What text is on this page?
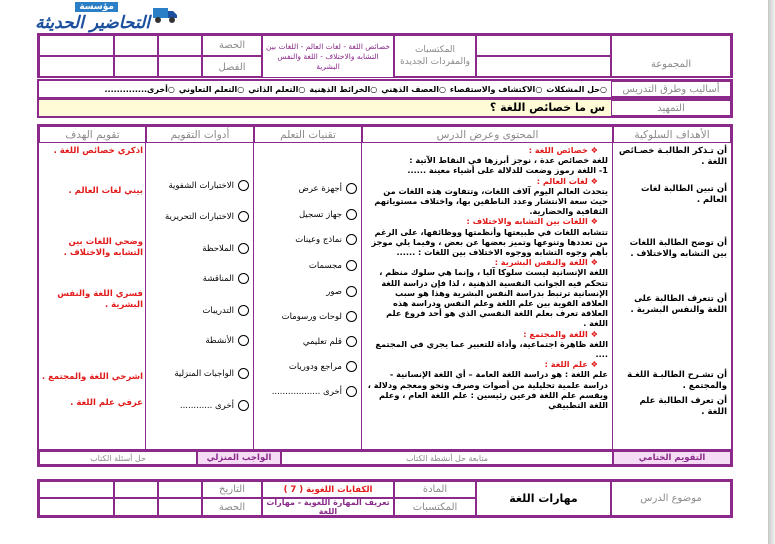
مؤسسة
التحاضير الحديثة
المجموعة
المكتسبات والمفردات الجديدة
خصائص اللغة - لغات العالم - اللغات بين التشابه والاختلاف - اللغة والنفس البشرية
الحصة
الفصل
أساليب وطرق التدريس
○حل المشكلات
○الاكتشاف والاستقصاء
○العصف الذهني
○الخرائط الذهنية
○التعلم الذاتي
○التعلم التعاوني
○أخرى..............
التمهيد
س ما خصائص اللغة ؟
الأهداف السلوكية
المحتوى وعرض الدرس
تقنيات التعلم
أدوات التقويم
تقويم الهدف
أن تـذكر الطالبـة خصـائص اللغة .
أن تبين الطالبة لغات العالم .
أن توضح الطالبة اللغات بين التشابه والاختلاف .
أن تتعرف الطالبة على اللغة والنفس البشرية .
أن تشـرح الطالبـة اللغـة والمجتمع .
أن تعرف الطالبة علم اللغة .
❖ خصائص اللغة :
للغة خصائص عدة ، نوجز أبرزها في النقاط الآتية :
1- اللغة رموز وضعت للدلالة على أشياء معينة ......
❖ لغات العالم :
يتحدث العالم اليوم آلاف اللغات، وتتفاوت هذه اللغات من حيث سعة الانتشار وعدد الناطقين بها، واختلاف مستوياتهم الثقافية والحضارية.
❖ اللغات بين التشابه والاختلاف :
تتشابه اللغات في طبيعتها وأنظمتها ووظائفها، على الرغم من تعددها وتنوعها وتميز بعضها عن بعض ، وفيما يلي موجز بأهم وجوه التشابه ووجوه الاختلاف بين اللغات : ......
❖ اللغة والنفس البشرية :
اللغة الإنسانية ليست سلوكا آليا ، وإنما هي سلوك منظم ، تتحكم فيه الجوانب النفسية الذهنية ، لذا فإن دراسة اللغة الإنسانية ترتبط بدراسة النفس البشرية وهذا هو سبب العلاقة القوية بين علم اللغة وعلم النفس ودراسة هذه العلاقة تعرف بعلم اللغة النفسي الذي هو أحد فروع علم اللغة .
❖ اللغة والمجتمع :
اللغة ظاهرة اجتماعية، وأداة للتعبير عما يجري في المجتمع ....
❖ علم اللغة :
علم اللغة : هو دراسة اللغة العامة – أي اللغة الإنسانية - دراسة علمية تحليلية من أصوات وصرف ونحو ومعجم ودلالة ، ويقسم علم اللغة فرعين رئيسين : علم اللغة العام ، وعلم اللغة التطبيقي
أجهزة عرض
جهاز تسجيل
نماذج وعينات
مجسمات
صور
لوحات ورسومات
قلم تعليمي
مراجع ودوريات
أخرى ..................
الاختبارات الشفوية
الاختبارات التحريرية
الملاحظة
المناقشة
التدريبات
الأنشطة
الواجبات المنزلية
أخرى ............
اذكري خصائص اللغة .
بيني لغات العالم .
وضحي اللغات بين التشابه والاختلاف .
فسري اللغة والنفس البشرية .
اشرحي اللغة والمجتمع .
عرفي علم اللغة .
التقويم الختامي
متابعة حل أنشطة الكتاب
الواجب المنزلي
حل أسئلة الكتاب
موضوع الدرس
مهارات اللغة
المادة
المكتسبات
الكفايات اللغوية ( 7 )
تعريف المهارة اللغوية - مهارات اللغة
التاريخ
الحصة
